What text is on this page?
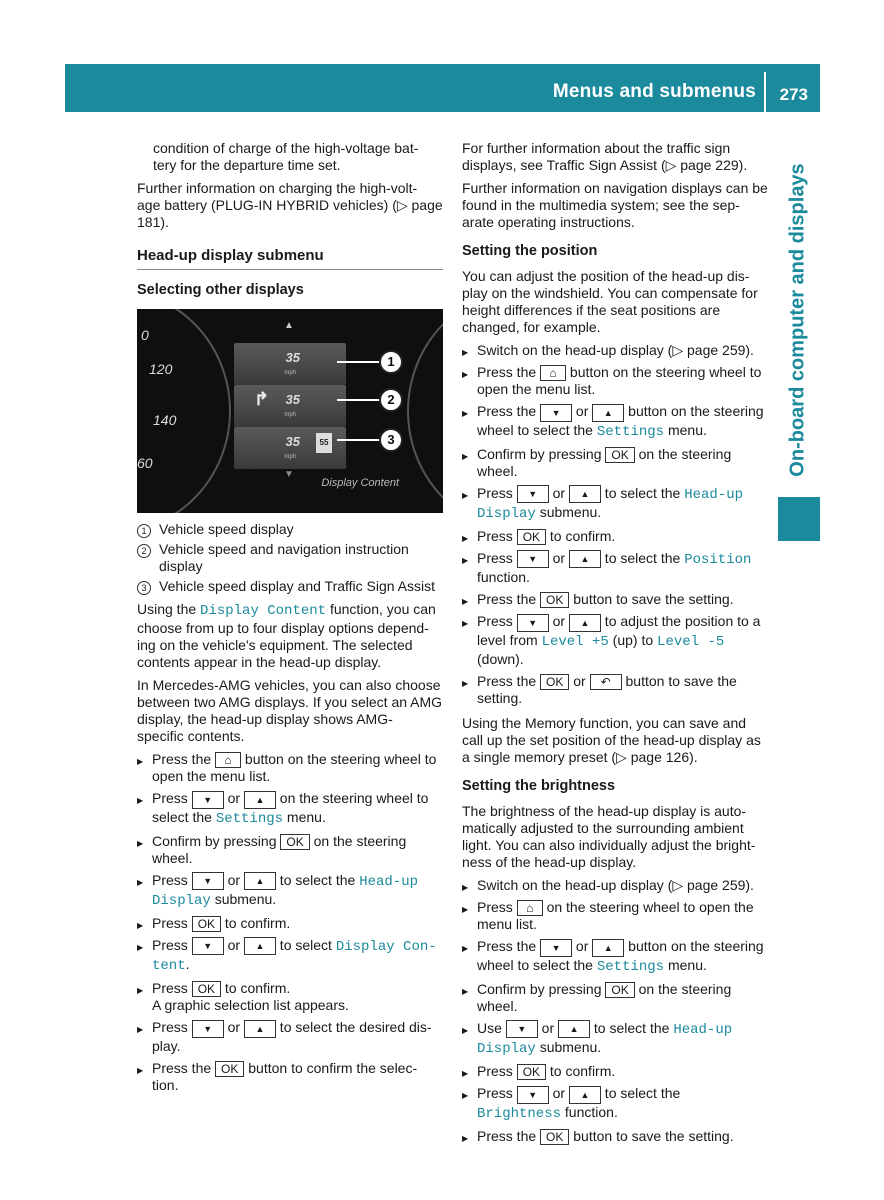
Menus and submenus 273
On-board computer and displays

condition of charge of the high-voltage bat- tery for the departure time set.

Further information on charging the high-volt- age battery (PLUG-IN HYBRID vehicles) (▷ page 181).

Head-up display submenu
Selecting other displays
0
120
140
60
▲
35
mph
↱ 35
mph
35
mph
55
1
2
3
▼
Display Content
1 Vehicle speed display
2 Vehicle speed and navigation instruction display
3 Vehicle speed display and Traffic Sign Assist

Using the Display Content function, you can choose from up to four display options depend- ing on the vehicle's equipment. The selected contents appear in the head-up display.

In Mercedes-AMG vehicles, you can also choose between two AMG displays. If you select an AMG display, the head-up display shows AMG- specific contents.

▶ Press the ⌂ button on the steering wheel to open the menu list.
▶ Press ▼ or ▲ on the steering wheel to select the Settings menu.
▶ Confirm by pressing OK on the steering wheel.
▶ Press ▼ or ▲ to select the Head-up Display submenu.
▶ Press OK to confirm.
▶ Press ▼ or ▲ to select Display Con- tent.
▶ Press OK to confirm.
A graphic selection list appears.
▶ Press ▼ or ▲ to select the desired dis- play.
▶ Press the OK button to confirm the selec- tion.

For further information about the traffic sign displays, see Traffic Sign Assist (▷ page 229).

Further information on navigation displays can be found in the multimedia system; see the sep- arate operating instructions.

Setting the position

You can adjust the position of the head-up dis- play on the windshield. You can compensate for height differences if the seat positions are changed, for example.

▶ Switch on the head-up display (▷ page 259).
▶ Press the ⌂ button on the steering wheel to open the menu list.
▶ Press the ▼ or ▲ button on the steering wheel to select the Settings menu.
▶ Confirm by pressing OK on the steering wheel.
▶ Press ▼ or ▲ to select the Head-up Display submenu.
▶ Press OK to confirm.
▶ Press ▼ or ▲ to select the Position function.
▶ Press the OK button to save the setting.
▶ Press ▼ or ▲ to adjust the position to a level from Level +5 (up) to Level -5 (down).
▶ Press the OK or ↶ button to save the setting.

Using the Memory function, you can save and call up the set position of the head-up display as a single memory preset (▷ page 126).

Setting the brightness

The brightness of the head-up display is auto- matically adjusted to the surrounding ambient light. You can also individually adjust the bright- ness of the head-up display.

▶ Switch on the head-up display (▷ page 259).
▶ Press ⌂ on the steering wheel to open the menu list.
▶ Press the ▼ or ▲ button on the steering wheel to select the Settings menu.
▶ Confirm by pressing OK on the steering wheel.
▶ Use ▼ or ▲ to select the Head-up Display submenu.
▶ Press OK to confirm.
▶ Press ▼ or ▲ to select the Brightness function.
▶ Press the OK button to save the setting.
